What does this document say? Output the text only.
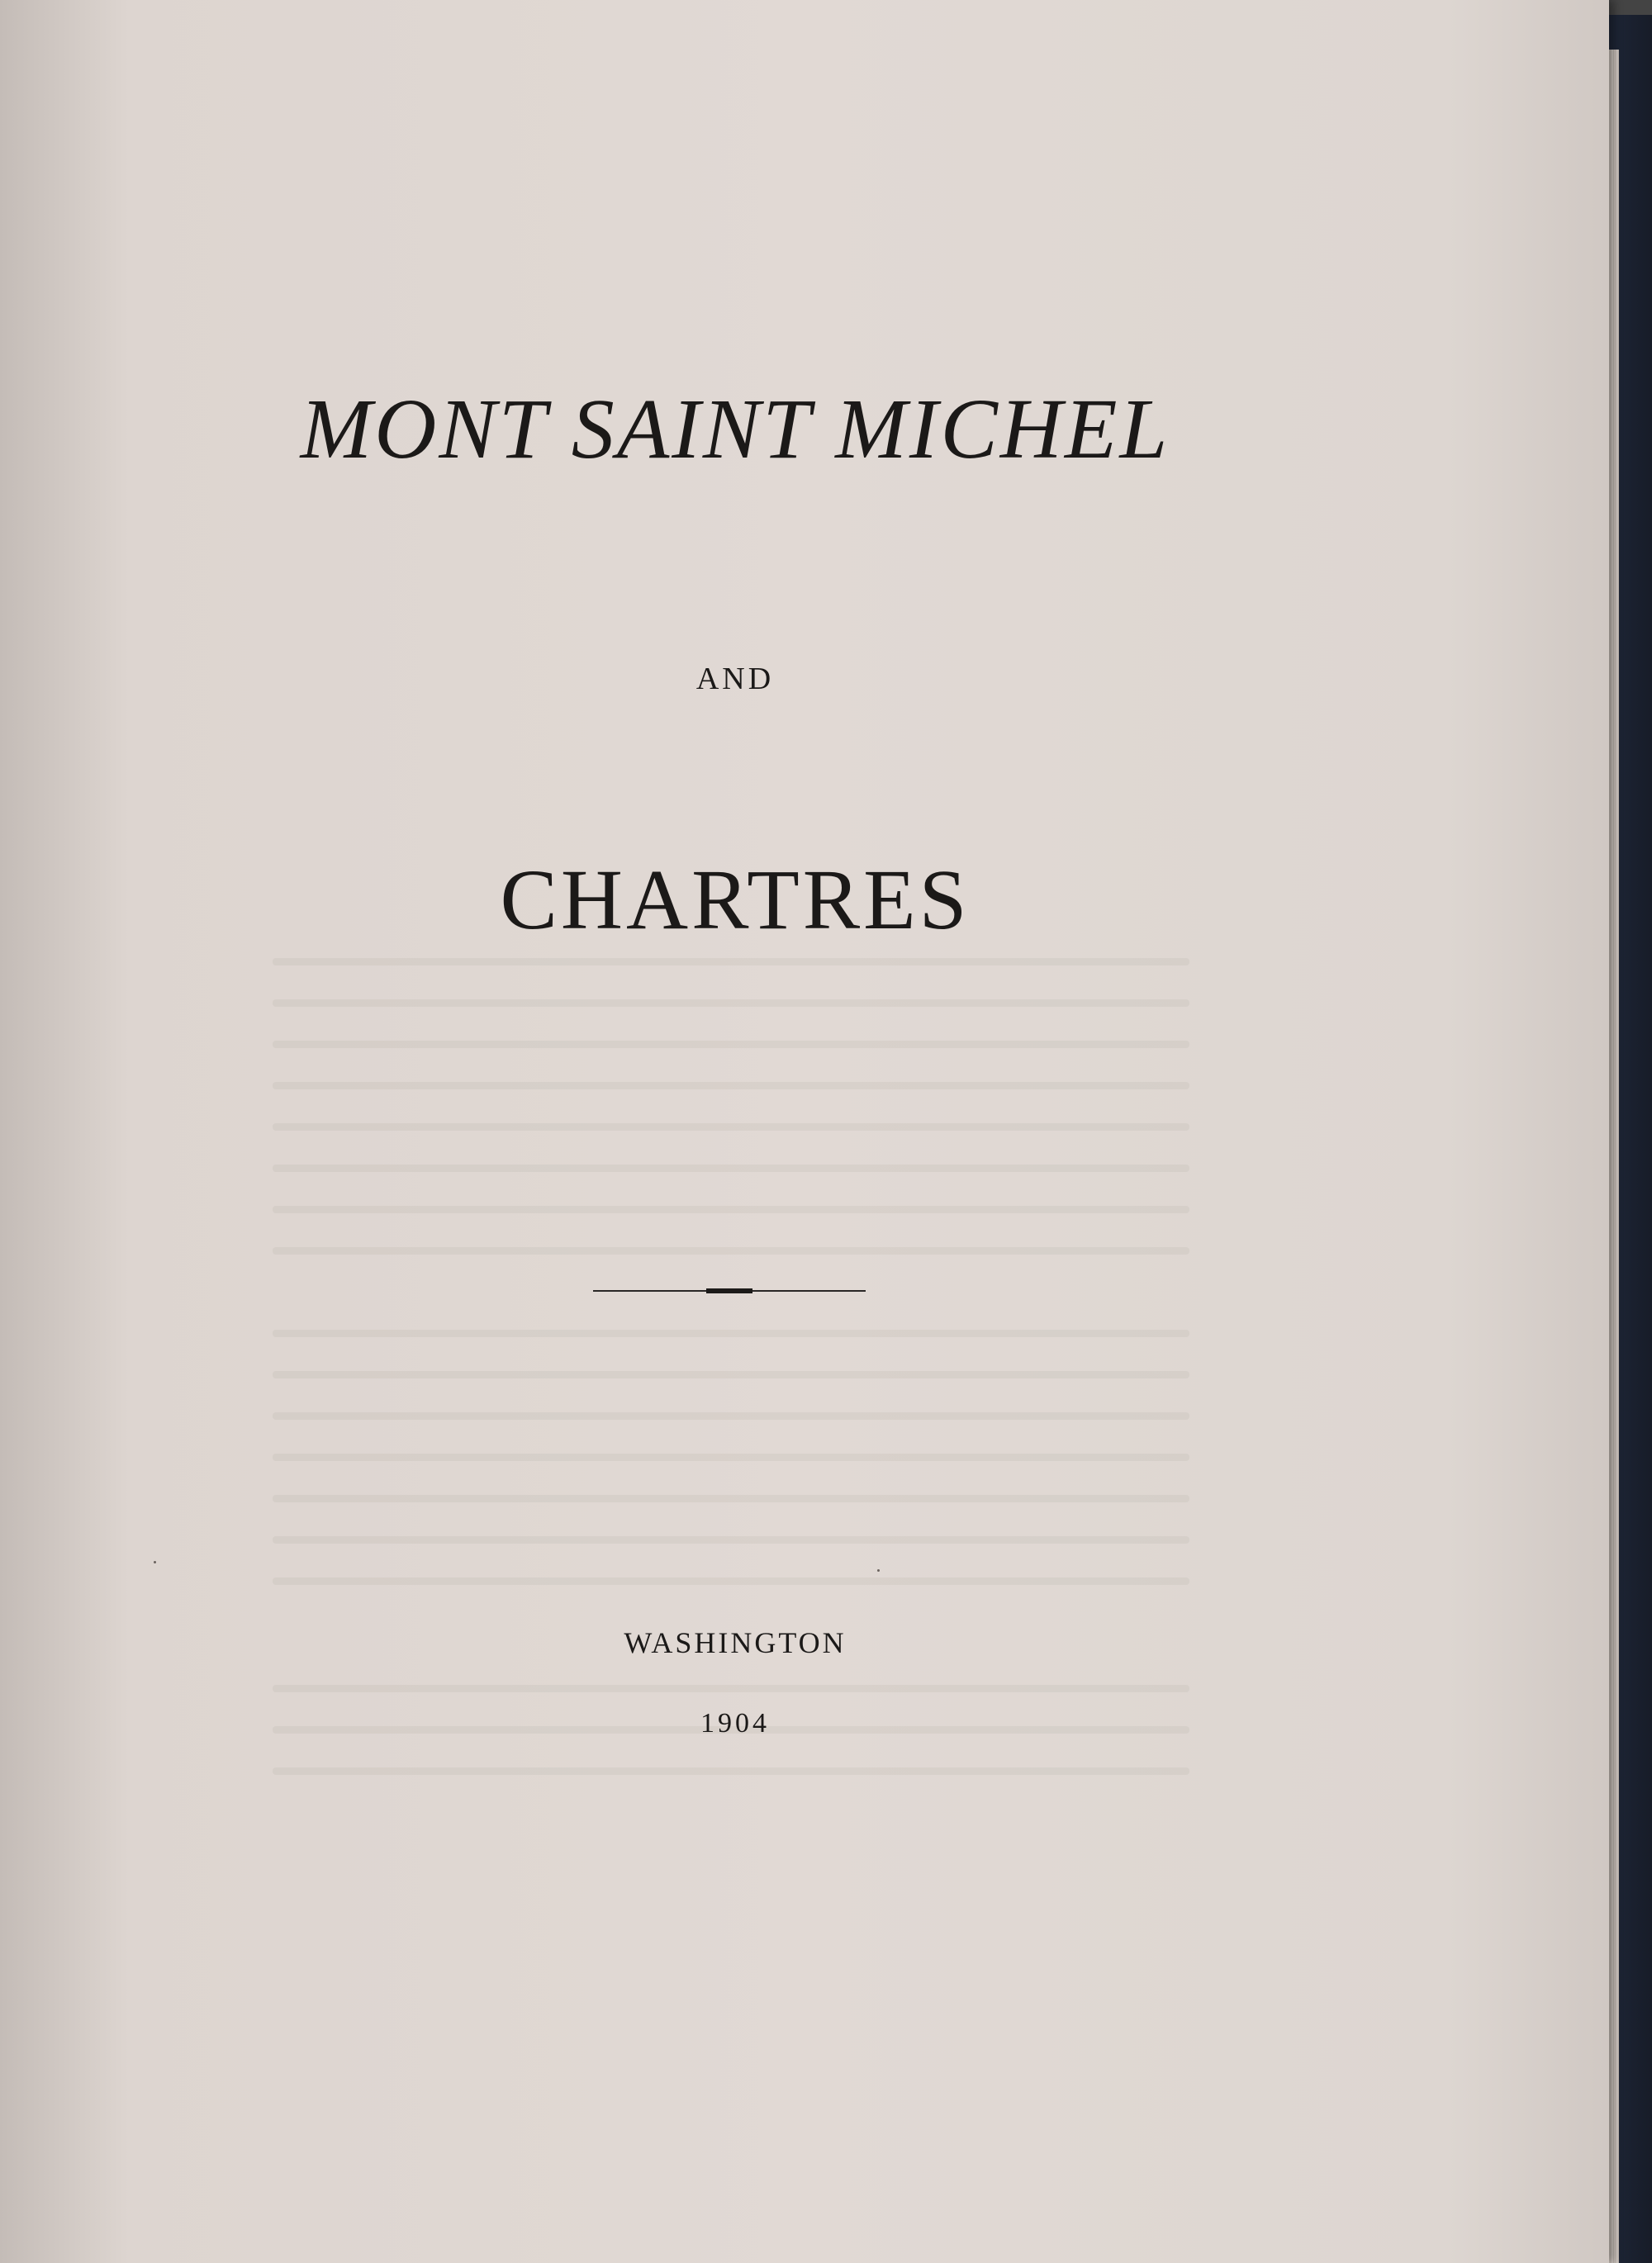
MONT SAINT MICHEL
AND
CHARTRES
WASHINGTON
1904
